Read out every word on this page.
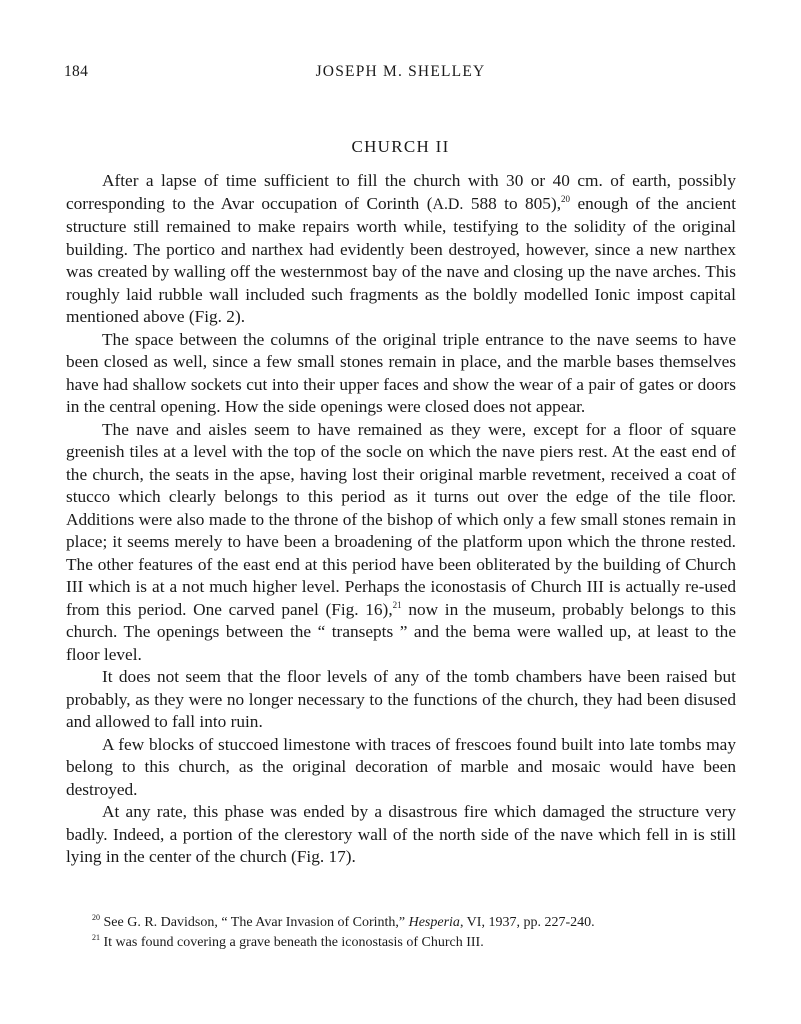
184	JOSEPH M. SHELLEY
CHURCH II

After a lapse of time sufficient to fill the church with 30 or 40 cm. of earth, possibly corresponding to the Avar occupation of Corinth (A.D. 588 to 805),$^{20}$ enough of the ancient structure still remained to make repairs worth while, testifying to the solidity of the original building. The portico and narthex had evidently been destroyed, however, since a new narthex was created by walling off the westernmost bay of the nave and closing up the nave arches. This roughly laid rubble wall included such fragments as the boldly modelled Ionic impost capital mentioned above (Fig. 2).

The space between the columns of the original triple entrance to the nave seems to have been closed as well, since a few small stones remain in place, and the marble bases themselves have had shallow sockets cut into their upper faces and show the wear of a pair of gates or doors in the central opening. How the side openings were closed does not appear.

The nave and aisles seem to have remained as they were, except for a floor of square greenish tiles at a level with the top of the socle on which the nave piers rest. At the east end of the church, the seats in the apse, having lost their original marble revetment, received a coat of stucco which clearly belongs to this period as it turns out over the edge of the tile floor. Additions were also made to the throne of the bishop of which only a few small stones remain in place; it seems merely to have been a broadening of the platform upon which the throne rested. The other features of the east end at this period have been obliterated by the building of Church III which is at a not much higher level. Perhaps the iconostasis of Church III is actually re-used from this period. One carved panel (Fig. 16),$^{21}$ now in the museum, probably belongs to this church. The openings between the “ transepts ” and the bema were walled up, at least to the floor level.

It does not seem that the floor levels of any of the tomb chambers have been raised but probably, as they were no longer necessary to the functions of the church, they had been disused and allowed to fall into ruin.

A few blocks of stuccoed limestone with traces of frescoes found built into late tombs may belong to this church, as the original decoration of marble and mosaic would have been destroyed.

At any rate, this phase was ended by a disastrous fire which damaged the structure very badly. Indeed, a portion of the clerestory wall of the north side of the nave which fell in is still lying in the center of the church (Fig. 17).

$^{20}$ See G. R. Davidson, “ The Avar Invasion of Corinth,” Hesperia, VI, 1937, pp. 227-240.

$^{21}$ It was found covering a grave beneath the iconostasis of Church III.
